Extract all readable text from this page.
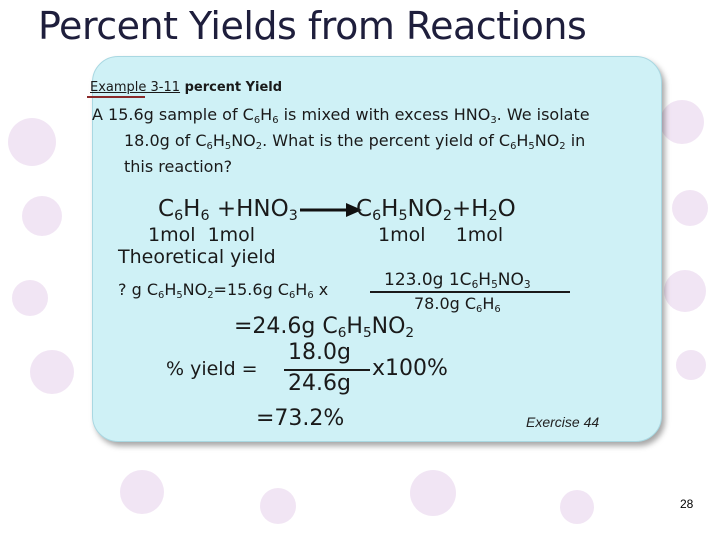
Percent Yields from Reactions
Example 3-11 percent Yield
A 15.6g sample of $C_6H_6$ is mixed with excess $HNO_3$. We isolate
18.0g of $C_6H_5NO_2$. What is the percent yield of $C_6H_5NO_2$ in
this reaction?
$C_6H_6 +HNO_3$	$C_6H_5NO_2+H_2O$
1mol  1mol	1mol     1mol
Theoretical yield
? g $C_6H_5NO_2=15.6g$ $C_6H_6$ x	123.0g $1C_6H_5NO_3$
78.0g $C_6H_6$
=24.6g $C_6H_5NO_2$
% yield =
18.0g
24.6g
x100%
=73.2%	Exercise 44
28
